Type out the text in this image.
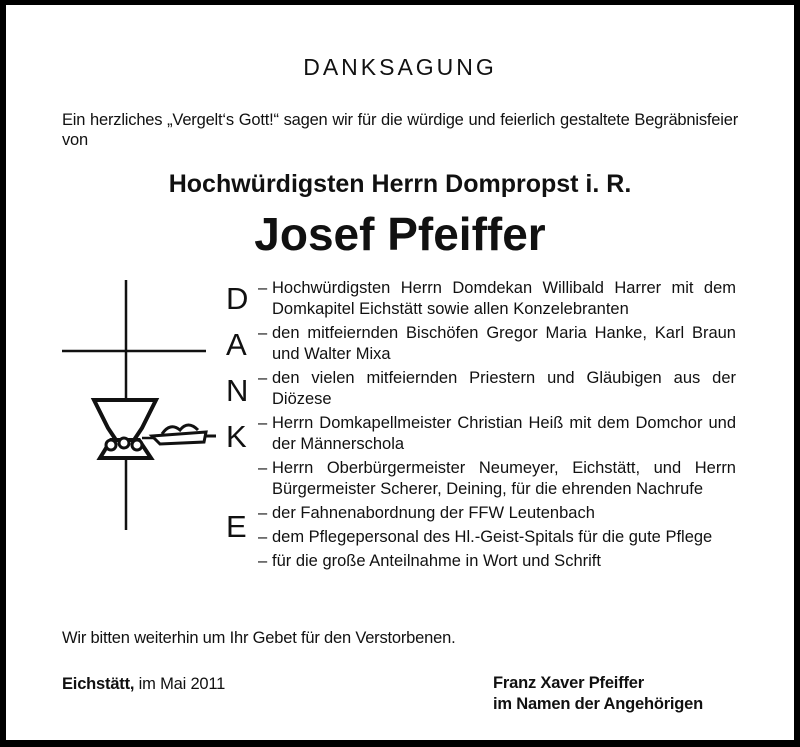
DANKSAGUNG
Ein herzliches „Vergelt‘s Gott!“ sagen wir für die würdige und feierlich gestaltete Begräbnisfeier von
Hochwürdigsten Herrn Dompropst i. R.
Josef Pfeiffer
D
A
N
K
E
– Hochwürdigsten Herrn Domdekan Willibald Harrer mit dem Domkapitel Eichstätt sowie allen Konzelebranten
– den mitfeiernden Bischöfen Gregor Maria Hanke, Karl Braun und Walter Mixa
– den vielen mitfeiernden Priestern und Gläubigen aus der Diözese
– Herrn Domkapellmeister Christian Heiß mit dem Domchor und der Männerschola
– Herrn Oberbürgermeister Neumeyer, Eichstätt, und Herrn Bürgermeister Scherer, Deining, für die ehrenden Nachrufe
– der Fahnenabordnung der FFW Leutenbach
– dem Pflegepersonal des Hl.-Geist-Spitals für die gute Pflege
– für die große Anteilnahme in Wort und Schrift
Wir bitten weiterhin um Ihr Gebet für den Verstorbenen.
Eichstätt, im Mai 2011	Franz Xaver Pfeiffer
im Namen der Angehörigen
